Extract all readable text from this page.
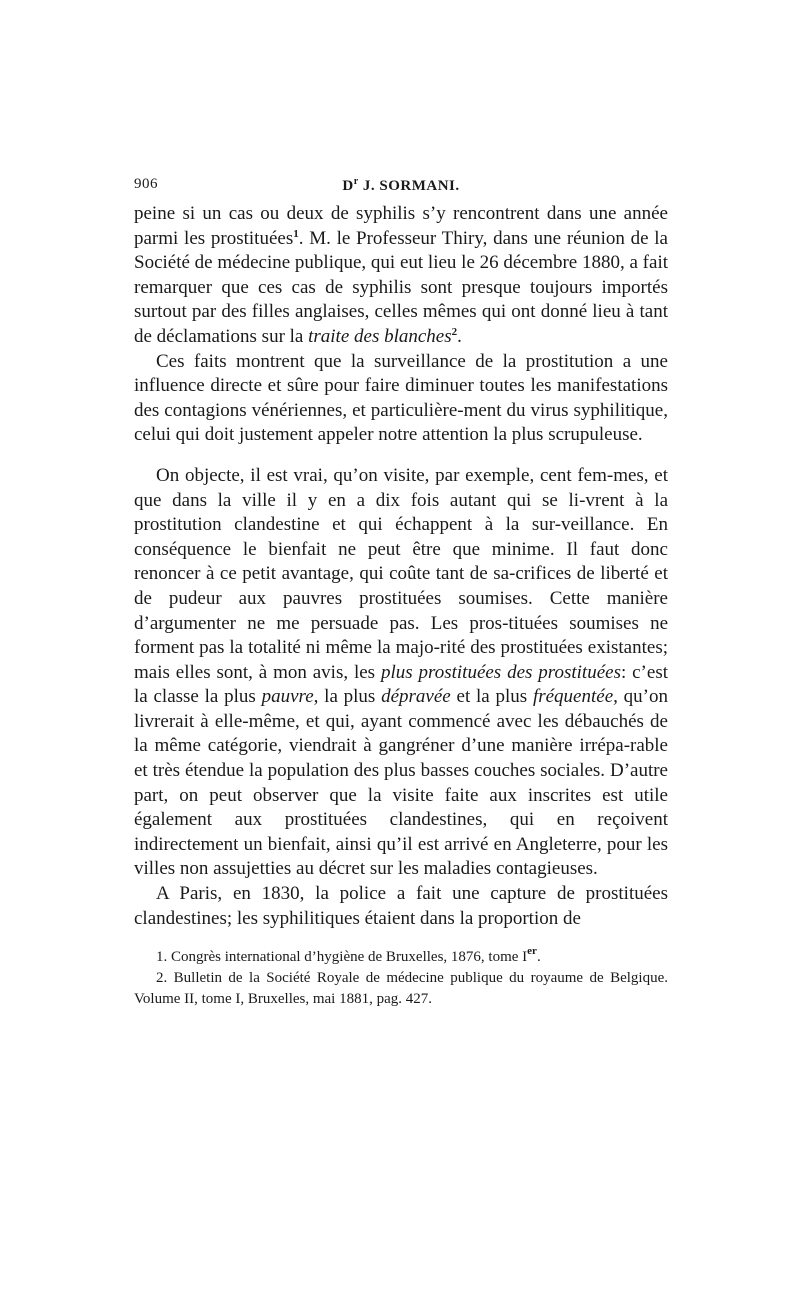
906	$D^r$ J. SORMANI.

peine si un cas ou deux de syphilis s’y rencontrent dans une année parmi les prostituées$^1$. M. le Professeur Thiry, dans une réunion de la Société de médecine publique, qui eut lieu le 26 décembre 1880, a fait remarquer que ces cas de syphilis sont presque toujours importés surtout par des filles anglaises, celles mêmes qui ont donné lieu à tant de déclamations sur la traite des blanches$^2$.

Ces faits montrent que la surveillance de la prostitution a une influence directe et sûre pour faire diminuer toutes les manifestations des contagions vénériennes, et particulière-ment du virus syphilitique, celui qui doit justement appeler notre attention la plus scrupuleuse.

On objecte, il est vrai, qu’on visite, par exemple, cent fem-mes, et que dans la ville il y en a dix fois autant qui se li-vrent à la prostitution clandestine et qui échappent à la sur-veillance. En conséquence le bienfait ne peut être que minime. Il faut donc renoncer à ce petit avantage, qui coûte tant de sa-crifices de liberté et de pudeur aux pauvres prostituées soumises. Cette manière d’argumenter ne me persuade pas. Les pros-tituées soumises ne forment pas la totalité ni même la majo-rité des prostituées existantes; mais elles sont, à mon avis, les plus prostituées des prostituées: c’est la classe la plus pauvre, la plus dépravée et la plus fréquentée, qu’on livrerait à elle-même, et qui, ayant commencé avec les débauchés de la même catégorie, viendrait à gangréner d’une manière irrépa-rable et très étendue la population des plus basses couches sociales. D’autre part, on peut observer que la visite faite aux inscrites est utile également aux prostituées clandestines, qui en reçoivent indirectement un bienfait, ainsi qu’il est arrivé en Angleterre, pour les villes non assujetties au décret sur les maladies contagieuses.

A Paris, en 1830, la police a fait une capture de prostituées clandestines; les syphilitiques étaient dans la proportion de

1. Congrès international d’hygiène de Bruxelles, 1876, tome Ier.

2. Bulletin de la Société Royale de médecine publique du royaume de Belgique. Volume II, tome I, Bruxelles, mai 1881, pag. 427.
